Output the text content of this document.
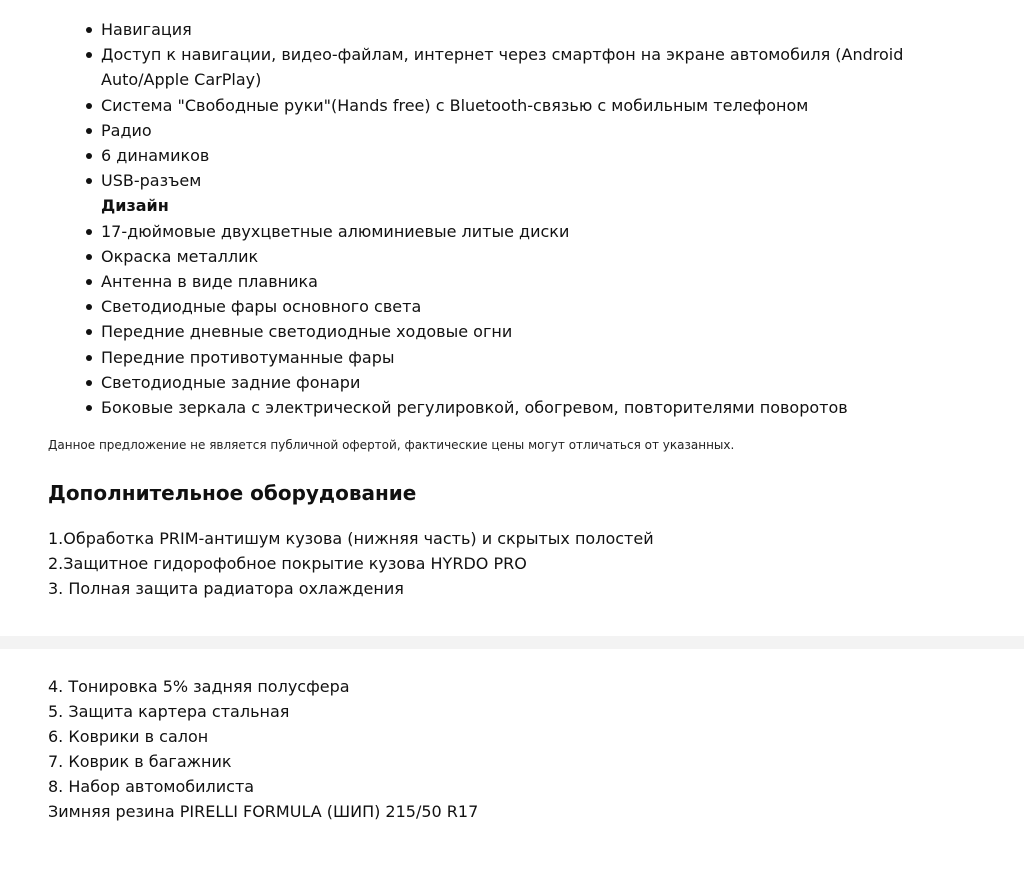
Навигация
Доступ к навигации, видео-файлам, интернет через смартфон на экране автомобиля (Android Auto/Apple CarPlay)
Система "Свободные руки"(Hands free) с Bluetooth-связью с мобильным телефоном
Радио
6 динамиков
USB-разъем
Дизайн
17-дюймовые двухцветные алюминиевые литые диски
Окраска металлик
Антенна в виде плавника
Светодиодные фары основного света
Передние дневные светодиодные ходовые огни
Передние противотуманные фары
Светодиодные задние фонари
Боковые зеркала с электрической регулировкой, обогревом, повторителями поворотов

Данное предложение не является публичной офертой, фактические цены могут отличаться от указанных.

Дополнительное оборудование
1.Обработка PRIM-антишум кузова (нижняя часть) и скрытых полостей
2.Защитное гидорофобное покрытие кузова HYRDO PRO
3. Полная защита радиатора охлаждения
4. Тонировка 5% задняя полусфера
5. Защита картера стальная
6. Коврики в салон
7. Коврик в багажник
8. Набор автомобилиста
Зимняя резина PIRELLI FORMULA (ШИП) 215/50 R17
